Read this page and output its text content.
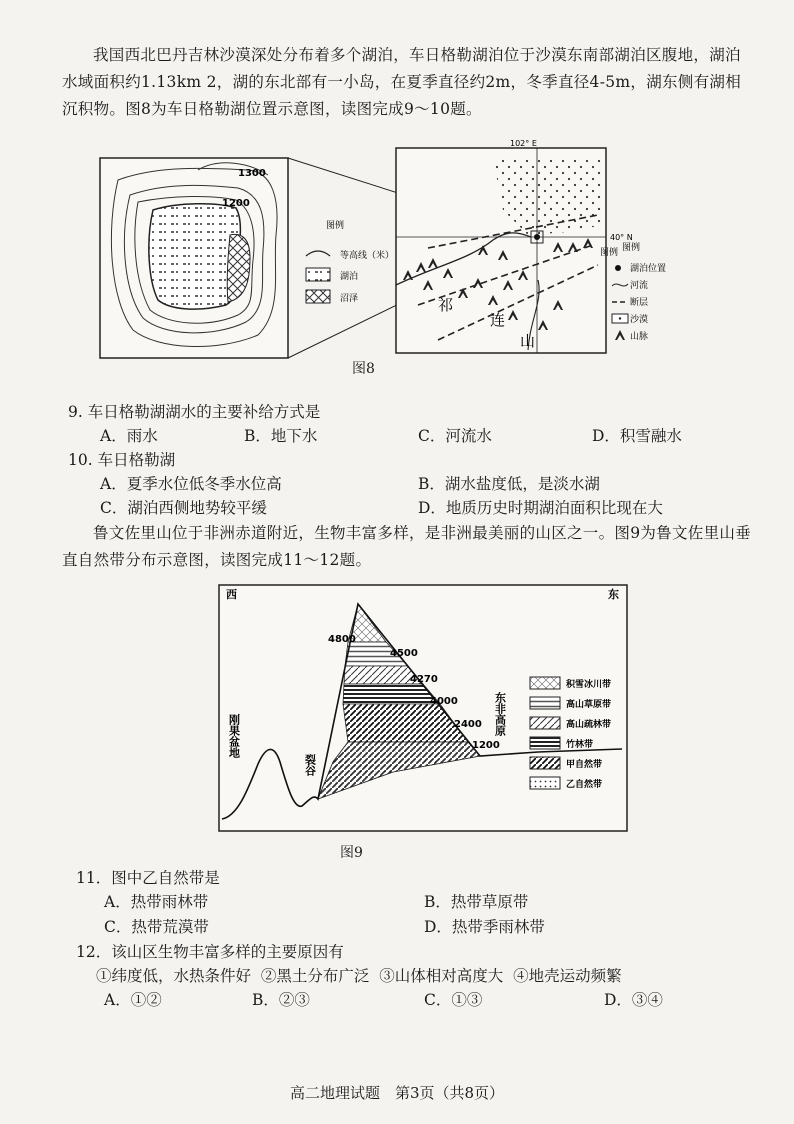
我国西北巴丹吉林沙漠深处分布着多个湖泊，车日格勒湖泊位于沙漠东南部湖泊区腹地，湖泊水域面积约1.13km 2，湖的东北部有一小岛，在夏季直径约2m，冬季直径4-5m，湖东侧有湖相沉积物。图8为车日格勒湖位置示意图，读图完成9～10题。
1300
1200
图例
等高线（米）
湖泊
沼泽
102° E
40° N
祁
连
山
图例 图例
湖泊位置
河流
断层
沙漠
山脉
图8
9. 车日格勒湖湖水的主要补给方式是
A．雨水	B．地下水	C．河流水	D．积雪融水
10. 车日格勒湖
A．夏季水位低冬季水位高	B．湖水盐度低，是淡水湖
C．湖泊西侧地势较平缓	D．地质历史时期湖泊面积比现在大
鲁文佐里山位于非洲赤道附近，生物丰富多样，是非洲最美丽的山区之一。图9为鲁文佐里山垂直自然带分布示意图，读图完成11～12题。
西	东
4800
4500
4270
4000
2400
1200
东非高原
刚果盆地
裂谷
积雪冰川带
高山草原带
高山疏林带
竹林带
甲自然带
乙自然带
图9
11．图中乙自然带是
A．热带雨林带	B．热带草原带
C．热带荒漠带	D．热带季雨林带
12．该山区生物丰富多样的主要原因有
①纬度低，水热条件好  ②黑土分布广泛  ③山体相对高度大  ④地壳运动频繁
A．①②	B．②③	C．①③	D．③④
高二地理试题　第3页（共8页）
